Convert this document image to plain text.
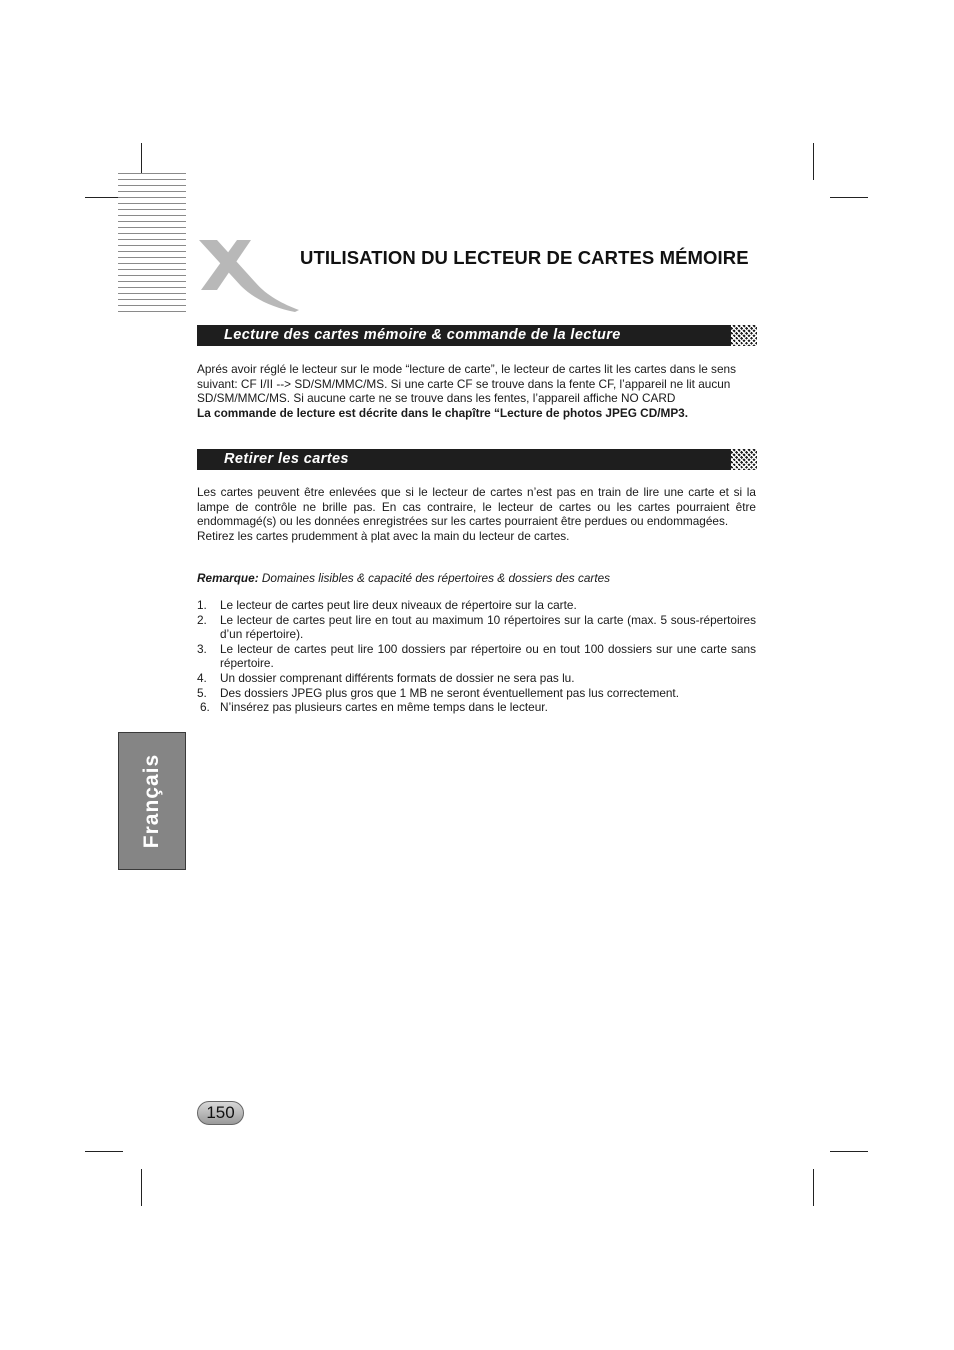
UTILISATION DU LECTEUR DE CARTES MÉMOIRE
Lecture des cartes mémoire & commande de la lecture

Aprés avoir réglé le lecteur sur le mode “lecture de carte”, le lecteur de cartes lit les cartes dans le sens

suivant: CF I/II --> SD/SM/MMC/MS. Si une carte CF se trouve dans la fente CF, l’appareil ne lit aucun

SD/SM/MMC/MS. Si aucune carte ne se trouve dans les fentes, l’appareil affiche NO CARD

La commande de lecture est décrite dans le chapître “Lecture de photos JPEG CD/MP3.

Retirer les cartes

Les cartes peuvent être enlevées que si le lecteur de cartes n’est pas en train de lire une carte et si la lampe de contrôle ne brille pas. En cas contraire, le lecteur de cartes ou les cartes pourraient être endommagé(s) ou les données enregistrées sur les cartes pourraient être perdues ou endommagées.

Retirez les cartes prudemment à plat avec la main du lecteur de cartes.

Remarque: Domaines lisibles & capacité des répertoires & dossiers des cartes
1. Le lecteur de cartes peut lire deux niveaux de répertoire sur la carte.
2. Le lecteur de cartes peut lire en tout au maximum 10 répertoires sur la carte (max. 5 sous-répertoires d’un répertoire).
3. Le lecteur de cartes peut lire 100 dossiers par répertoire ou en tout 100 dossiers sur une carte sans répertoire.
4. Un dossier comprenant différents formats de dossier ne sera pas lu.
5. Des dossiers JPEG plus gros que 1 MB ne seront éventuellement pas lus correctement.
6. N’insérez pas plusieurs cartes en même temps dans le lecteur.
Français
150
